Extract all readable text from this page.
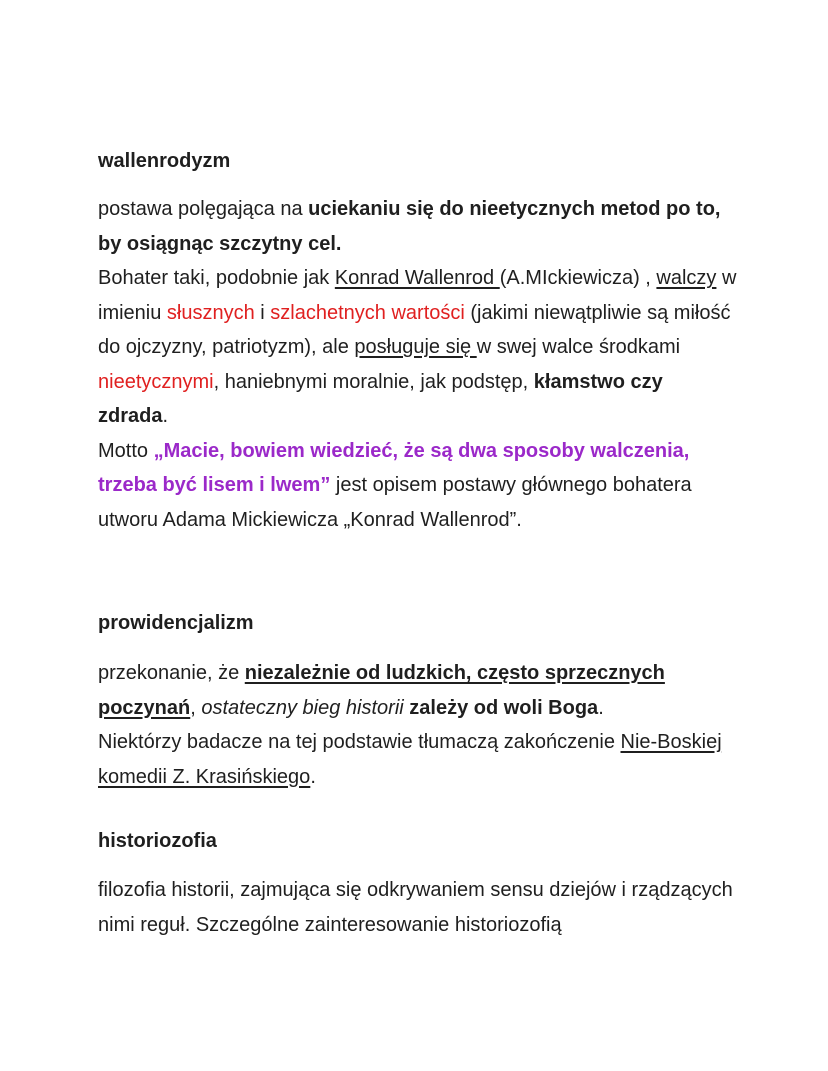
wallenrodyzm

postawa polęgająca na uciekaniu się do nieetycznych metod po to, by osiągnąc szczytny cel.
Bohater taki, podobnie jak Konrad Wallenrod (A.MIckiewicza) , walczy w imieniu słusznych i szlachetnych wartości (jakimi niewątpliwie są miłość do ojczyzny, patriotyzm), ale posługuje się w swej walce środkami nieetycznymi, haniebnymi moralnie, jak podstęp, kłamstwo czy zdrada.
Motto „Macie, bowiem wiedzieć, że są dwa sposoby walczenia, trzeba być lisem i lwem” jest opisem postawy głównego bohatera utworu Adama Mickiewicza „Konrad Wallenrod”.

prowidencjalizm

przekonanie, że niezależnie od ludzkich, często sprzecznych poczynań, ostateczny bieg historii zależy od woli Boga.
Niektórzy badacze na tej podstawie tłumaczą zakończenie Nie-Boskiej komedii Z. Krasińskiego.

historiozofia

filozofia historii, zajmująca się odkrywaniem sensu dziejów i rządzących nimi reguł. Szczególne zainteresowanie historiozofią
